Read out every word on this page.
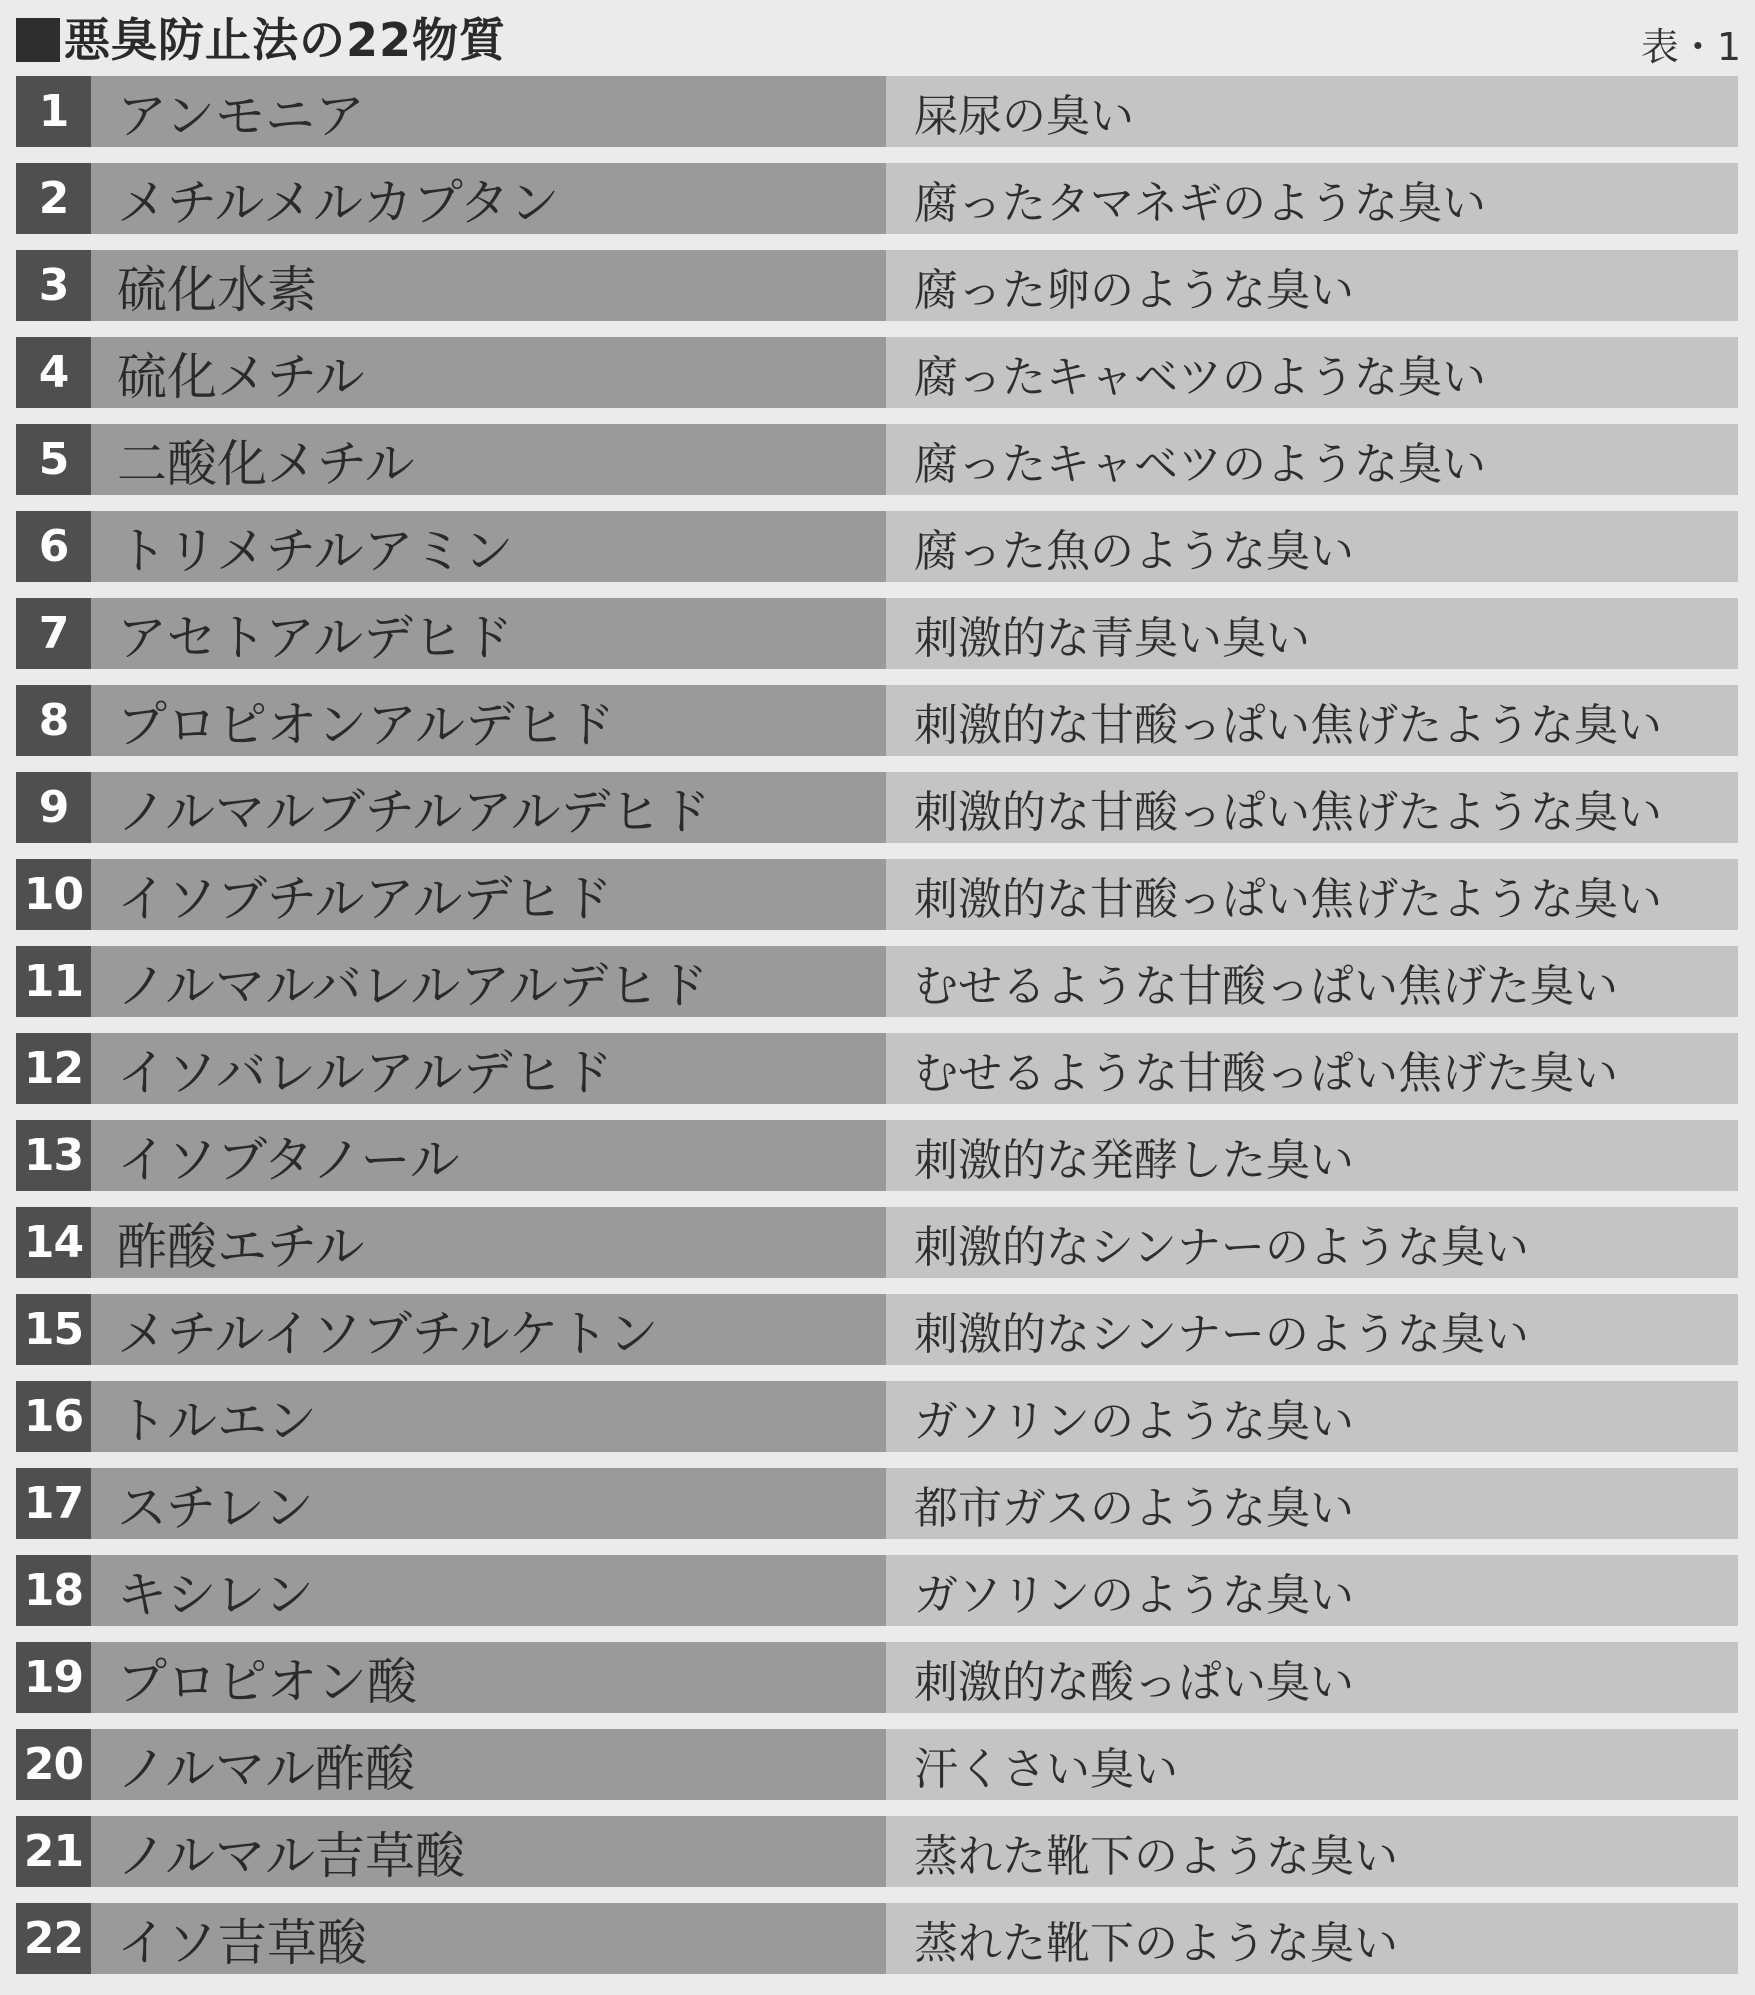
悪臭防止法の22物質	表・1
1 アンモニア	屎尿の臭い
2 メチルメルカプタン	腐ったタマネギのような臭い
3 硫化水素	腐った卵のような臭い
4 硫化メチル	腐ったキャベツのような臭い
5 二酸化メチル	腐ったキャベツのような臭い
6 トリメチルアミン	腐った魚のような臭い
7 アセトアルデヒド	刺激的な青臭い臭い
8 プロピオンアルデヒド	刺激的な甘酸っぱい焦げたような臭い
9 ノルマルブチルアルデヒド	刺激的な甘酸っぱい焦げたような臭い
10 イソブチルアルデヒド	刺激的な甘酸っぱい焦げたような臭い
11 ノルマルバレルアルデヒド	むせるような甘酸っぱい焦げた臭い
12 イソバレルアルデヒド	むせるような甘酸っぱい焦げた臭い
13 イソブタノール	刺激的な発酵した臭い
14 酢酸エチル	刺激的なシンナーのような臭い
15 メチルイソブチルケトン	刺激的なシンナーのような臭い
16 トルエン	ガソリンのような臭い
17 スチレン	都市ガスのような臭い
18 キシレン	ガソリンのような臭い
19 プロピオン酸	刺激的な酸っぱい臭い
20 ノルマル酢酸	汗くさい臭い
21 ノルマル吉草酸	蒸れた靴下のような臭い
22 イソ吉草酸	蒸れた靴下のような臭い
